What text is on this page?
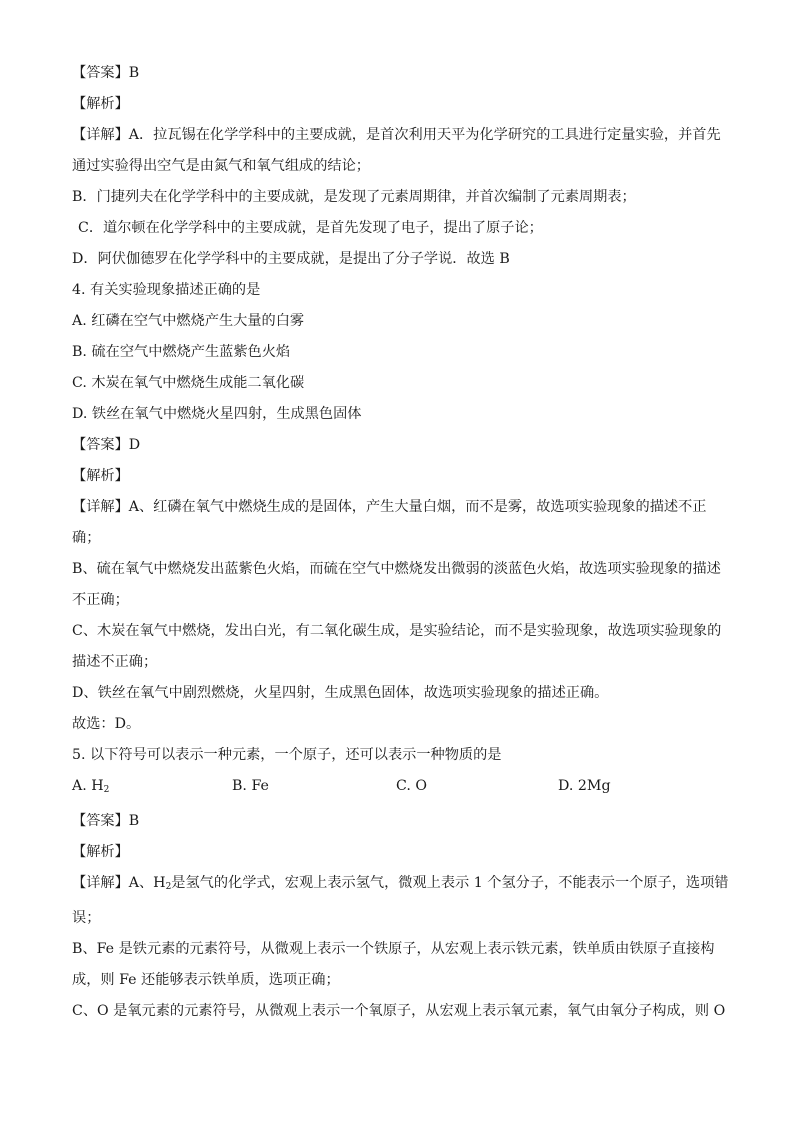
【答案】B

【解析】

【详解】A．拉瓦锡在化学学科中的主要成就，是首次利用天平为化学研究的工具进行定量实验，并首先

通过实验得出空气是由氮气和氧气组成的结论；

B．门捷列夫在化学学科中的主要成就，是发现了元素周期律，并首次编制了元素周期表；

C．道尔顿在化学学科中的主要成就，是首先发现了电子，提出了原子论；

D．阿伏伽德罗在化学学科中的主要成就，是提出了分子学说．故选 B

4. 有关实验现象描述正确的是

A. 红磷在空气中燃烧产生大量的白雾

B. 硫在空气中燃烧产生蓝紫色火焰

C. 木炭在氧气中燃烧生成能二氧化碳

D. 铁丝在氧气中燃烧火星四射，生成黑色固体

【答案】D

【解析】

【详解】A、红磷在氧气中燃烧生成的是固体，产生大量白烟，而不是雾，故选项实验现象的描述不正

确；

B、硫在氧气中燃烧发出蓝紫色火焰，而硫在空气中燃烧发出微弱的淡蓝色火焰，故选项实验现象的描述

不正确；

C、木炭在氧气中燃烧，发出白光，有二氧化碳生成，是实验结论，而不是实验现象，故选项实验现象的

描述不正确；

D、铁丝在氧气中剧烈燃烧，火星四射，生成黑色固体，故选项实验现象的描述正确。

故选：D。

5. 以下符号可以表示一种元素，一个原子，还可以表示一种物质的是

A. $H_2$	B. Fe	C. O	D. 2Mg

【答案】B

【解析】

【详解】A、$H_2$是氢气的化学式，宏观上表示氢气，微观上表示 1 个氢分子，不能表示一个原子，选项错

误；

B、Fe 是铁元素的元素符号，从微观上表示一个铁原子，从宏观上表示铁元素，铁单质由铁原子直接构

成，则 Fe 还能够表示铁单质，选项正确；

C、O 是氧元素的元素符号，从微观上表示一个氧原子，从宏观上表示氧元素，氧气由氧分子构成，则 O
